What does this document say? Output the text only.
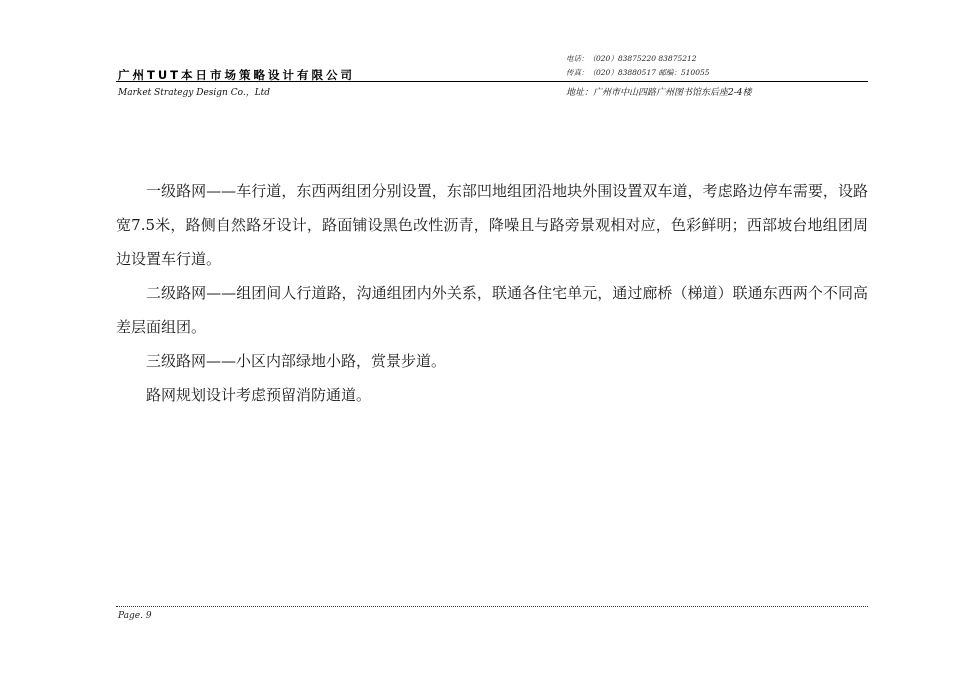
电话：（020）83875220 83875212
广州TUT本日市场策略设计有限公司	传真：（020）83880517 邮编：510055
Market Strategy Design Co.，Ltd	地址：广州市中山四路广州图书馆东后座2-4楼

一级路网——车行道，东西两组团分别设置，东部凹地组团沿地块外围设置双车道，考虑路边停车需要，设路宽7.5米，路侧自然路牙设计，路面铺设黑色改性沥青，降噪且与路旁景观相对应，色彩鲜明；西部坡台地组团周边设置车行道。

二级路网——组团间人行道路，沟通组团内外关系，联通各住宅单元，通过廊桥（梯道）联通东西两个不同高差层面组团。

三级路网——小区内部绿地小路，赏景步道。

路网规划设计考虑预留消防通道。

Page. 9
